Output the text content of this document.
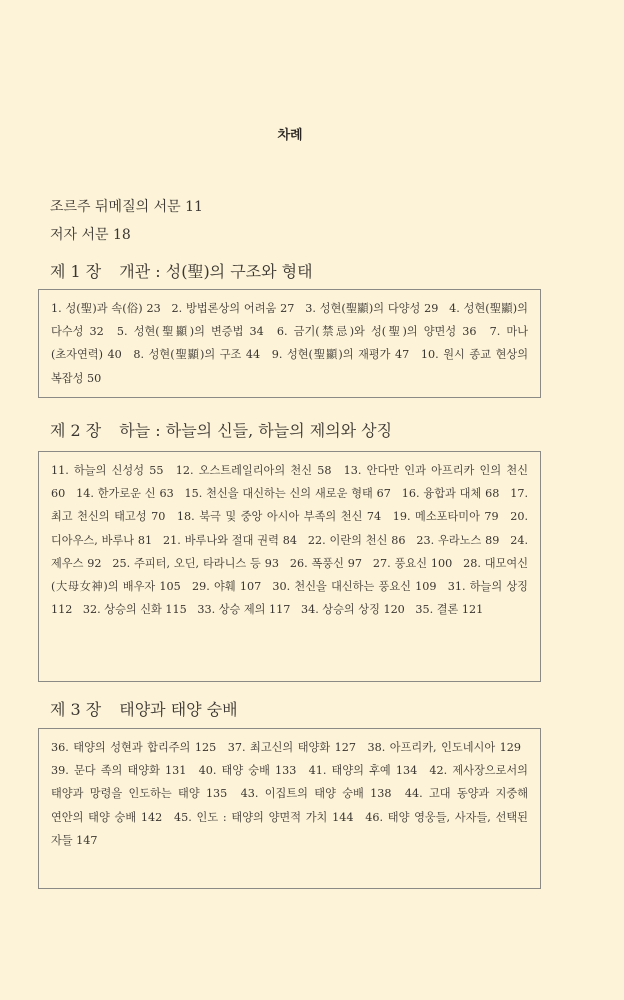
차례
조르주 뒤메질의 서문 11
저자 서문 18
제 1 장 개관 : 성(聖)의 구조와 형태
1. 성(聖)과 속(俗) 23 2. 방법론상의 어려움 27 3. 성현(聖顯)의 다양성 29 4. 성현(聖顯)의 다수성 32 5. 성현(聖顯)의 변증법 34 6. 금기(禁忌)와 성(聖)의 양면성 36 7. 마나(초자연력) 40 8. 성현(聖顯)의 구조 44 9. 성현(聖顯)의 재평가 47 10. 원시 종교 현상의 복잡성 50
제 2 장 하늘 : 하늘의 신들, 하늘의 제의와 상징
11. 하늘의 신성성 55 12. 오스트레일리아의 천신 58 13. 안다만 인과 아프리카 인의 천신 60 14. 한가로운 신 63 15. 천신을 대신하는 신의 새로운 형태 67 16. 융합과 대체 68 17. 최고 천신의 태고성 70 18. 북극 및 중앙 아시아 부족의 천신 74 19. 메소포타미아 79 20. 디아우스, 바루나 81 21. 바루나와 절대 권력 84 22. 이란의 천신 86 23. 우라노스 89 24. 제우스 92 25. 주피터, 오딘, 타라니스 등 93 26. 폭풍신 97 27. 풍요신 100 28. 대모여신(大母女神)의 배우자 105 29. 야훼 107 30. 천신을 대신하는 풍요신 109 31. 하늘의 상징 112 32. 상승의 신화 115 33. 상승 제의 117 34. 상승의 상징 120 35. 결론 121
제 3 장 태양과 태양 숭배
36. 태양의 성현과 합리주의 125 37. 최고신의 태양화 127 38. 아프리카, 인도네시아 129 39. 문다 족의 태양화 131 40. 태양 숭배 133 41. 태양의 후예 134 42. 제사장으로서의 태양과 망령을 인도하는 태양 135 43. 이집트의 태양 숭배 138 44. 고대 동양과 지중해 연안의 태양 숭배 142 45. 인도 : 태양의 양면적 가치 144 46. 태양 영웅들, 사자들, 선택된 자들 147
